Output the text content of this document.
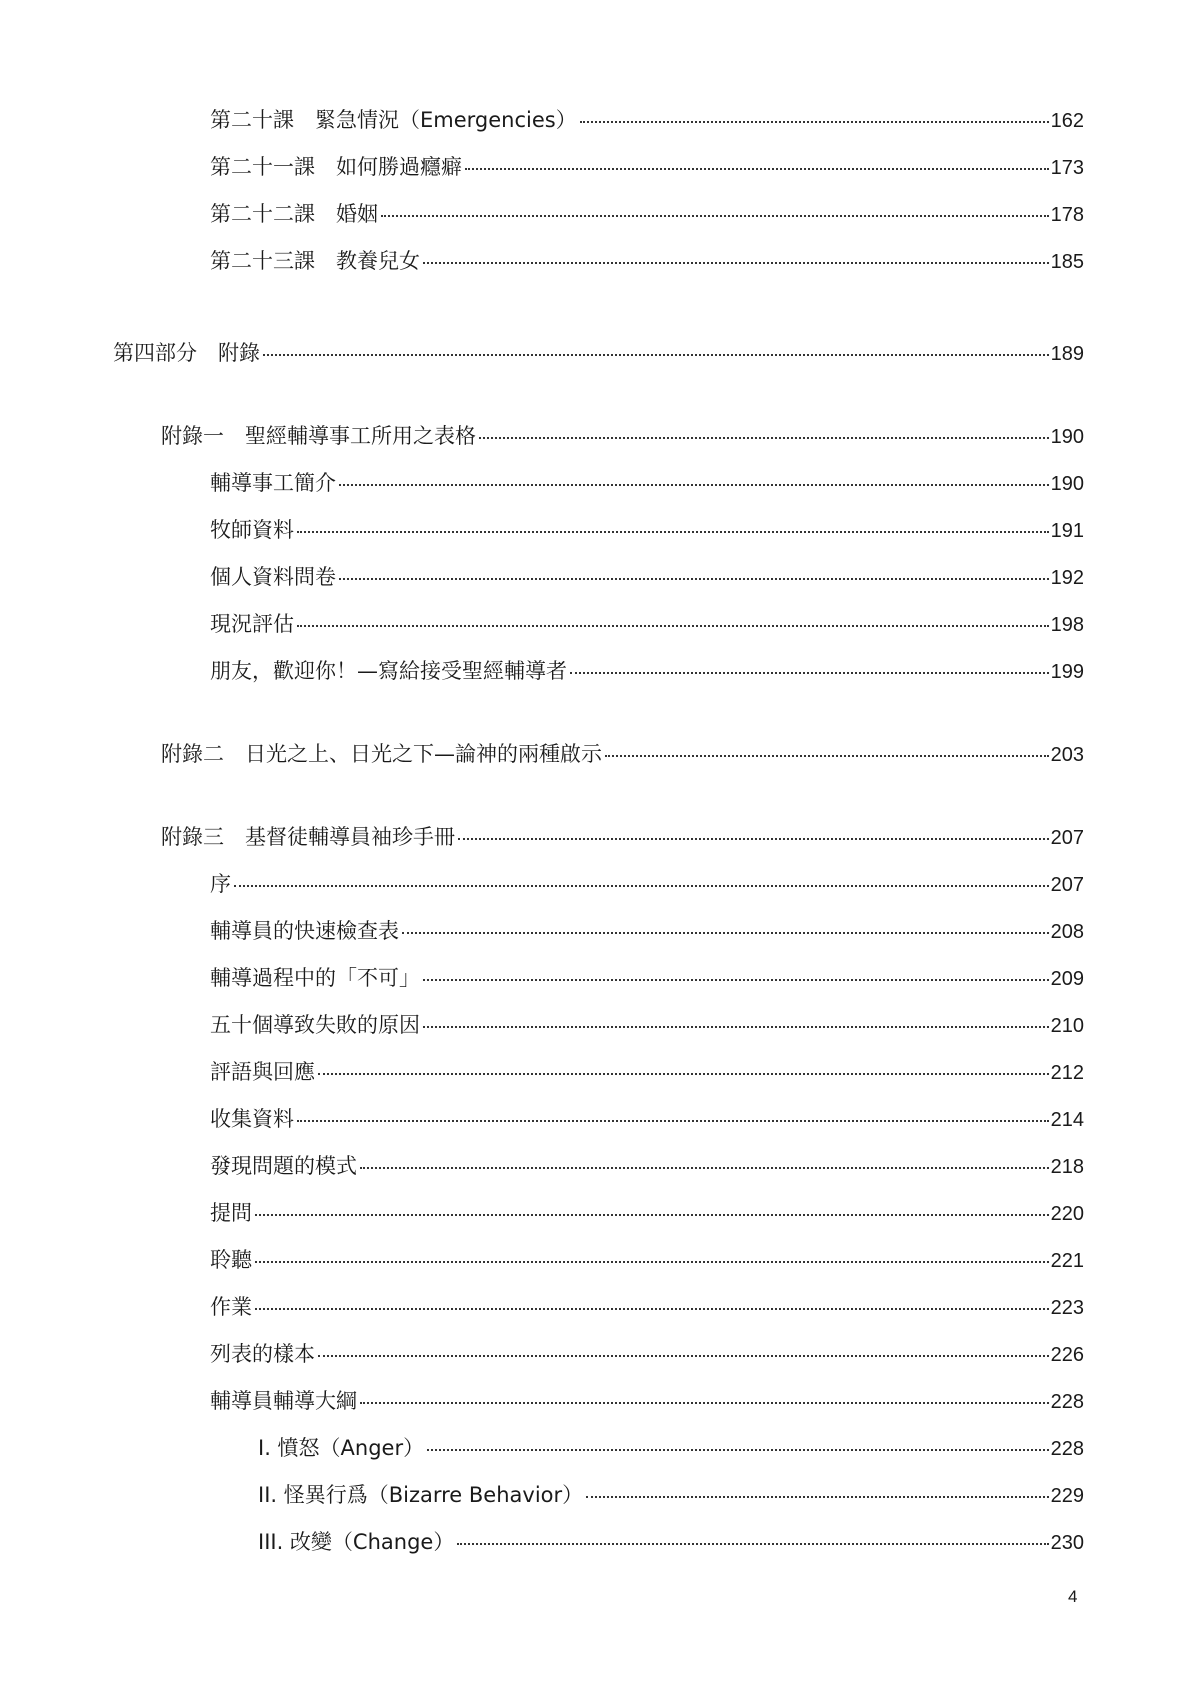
第二十課　緊急情況（Emergencies）	162
第二十一課　如何勝過癮癖	173
第二十二課　婚姻	178
第二十三課　教養兒女	185
第四部分　附錄	189
附錄一　聖經輔導事工所用之表格	190
輔導事工簡介	190
牧師資料	191
個人資料問卷	192
現況評估	198
朋友，歡迎你！—寫給接受聖經輔導者	199
附錄二　日光之上、日光之下—論神的兩種啟示	203
附錄三　基督徒輔導員袖珍手冊	207
序	207
輔導員的快速檢查表	208
輔導過程中的「不可」	209
五十個導致失敗的原因	210
評語與回應	212
收集資料	214
發現問題的模式	218
提問	220
聆聽	221
作業	223
列表的樣本	226
輔導員輔導大綱	228
I. 憤怒（Anger）	228
II. 怪異行爲（Bizarre Behavior）	229
III. 改變（Change）	230
4
